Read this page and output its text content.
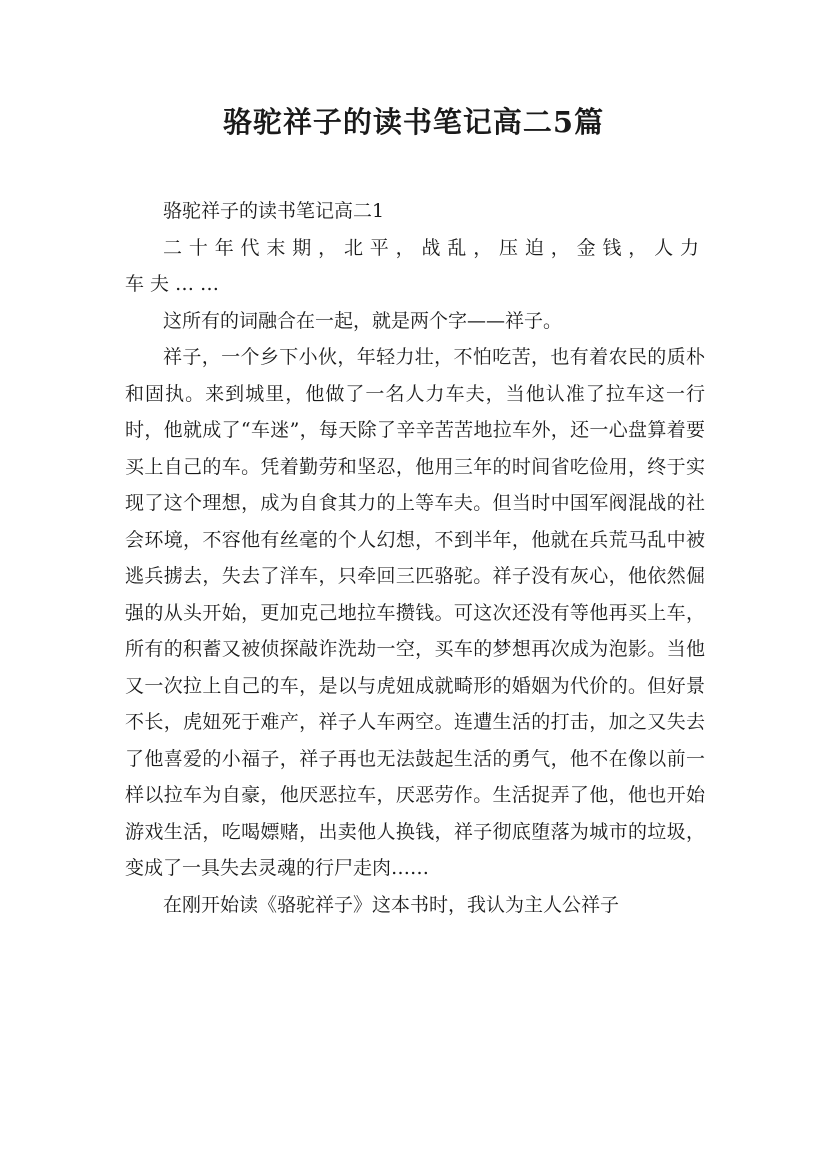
骆驼祥子的读书笔记高二5篇

骆驼祥子的读书笔记高二1

二十年代末期，北平，战乱，压迫，金钱，人力车夫……

这所有的词融合在一起，就是两个字——祥子。

祥子，一个乡下小伙，年轻力壮，不怕吃苦，也有着农民的质朴和固执。来到城里，他做了一名人力车夫，当他认准了拉车这一行时，他就成了“车迷”，每天除了辛辛苦苦地拉车外，还一心盘算着要买上自己的车。凭着勤劳和坚忍，他用三年的时间省吃俭用，终于实现了这个理想，成为自食其力的上等车夫。但当时中国军阀混战的社会环境，不容他有丝毫的个人幻想，不到半年，他就在兵荒马乱中被逃兵掳去，失去了洋车，只牵回三匹骆驼。祥子没有灰心，他依然倔强的从头开始，更加克己地拉车攒钱。可这次还没有等他再买上车，所有的积蓄又被侦探敲诈洗劫一空，买车的梦想再次成为泡影。当他又一次拉上自己的车，是以与虎妞成就畸形的婚姻为代价的。但好景不长，虎妞死于难产，祥子人车两空。连遭生活的打击，加之又失去了他喜爱的小福子，祥子再也无法鼓起生活的勇气，他不在像以前一样以拉车为自豪，他厌恶拉车，厌恶劳作。生活捉弄了他，他也开始游戏生活，吃喝嫖赌，出卖他人换钱，祥子彻底堕落为城市的垃圾，变成了一具失去灵魂的行尸走肉……

在刚开始读《骆驼祥子》这本书时，我认为主人公祥子
